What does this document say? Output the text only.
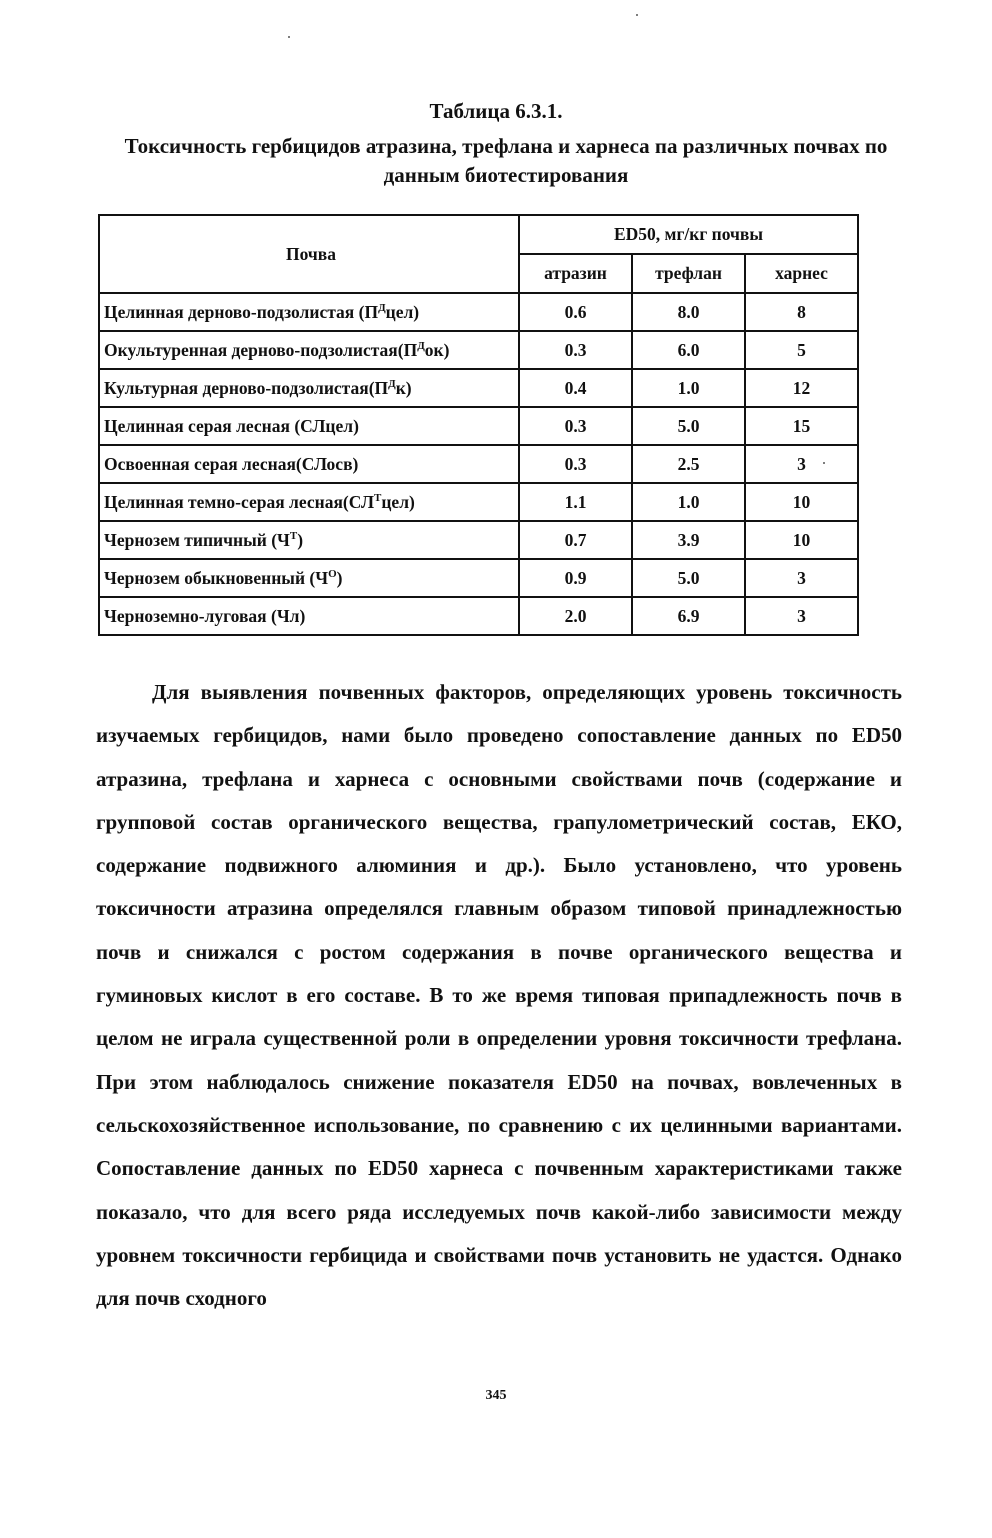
Таблица 6.3.1.
Токсичность гербицидов атразина, трефлана и харнеса па различных почвах по данным биотестирования
Почва	ED50, мг/кг почвы		
	атразин	трефлан	харнес
Целинная дерново-подзолистая $(П^Дцел)$	0.6	8.0	8
Окультуренная дерново-$подзолистая(П^Док)$	0.3	6.0	5
Культурная дерново-$подзолистая(П^Дк)$	0.4	1.0	12
Целинная серая лесная (СЛцел)	0.3	5.0	15
Освоенная серая лесная(СЛосв)	0.3	2.5	3
Целинная темно-серая $лесная(СЛ^Тцел)$	1.1	1.0	10
Чернозем типичный $(Ч^Т)$	0.7	3.9	10
Чернозем обыкновенный $(Ч^О)$	0.9	5.0	3
Черноземно-луговая (Чл)	2.0	6.9	3

Для выявления почвенных факторов, определяющих уровень токсичность изучаемых гербицидов, нами было проведено сопоставление данных по ED50 атразина, трефлана и харнеса с основными свойствами почв (содержание и групповой состав органического вещества, грапулометрический состав, ЕКО, содержание подвижного алюминия и др.). Было установлено, что уровень токсичности атразина определялся главным образом типовой принадлежностью почв и снижался с ростом содержания в почве органического вещества и гуминовых кислот в его составе. В то же время типовая припадлежность почв в целом не играла существенной роли в определении уровня токсичности трефлана. При этом наблюдалось снижение показателя ED50 на почвах, вовлеченных в сельскохозяйственное использование, по сравнению с их целинными вариантами. Сопоставление данных по ED50 харнеса с почвенным характеристиками также показало, что для всего ряда исследуемых почв какой-либо зависимости между уровнем токсичности гербицида и свойствами почв установить не удастся. Однако для почв сходного

345
